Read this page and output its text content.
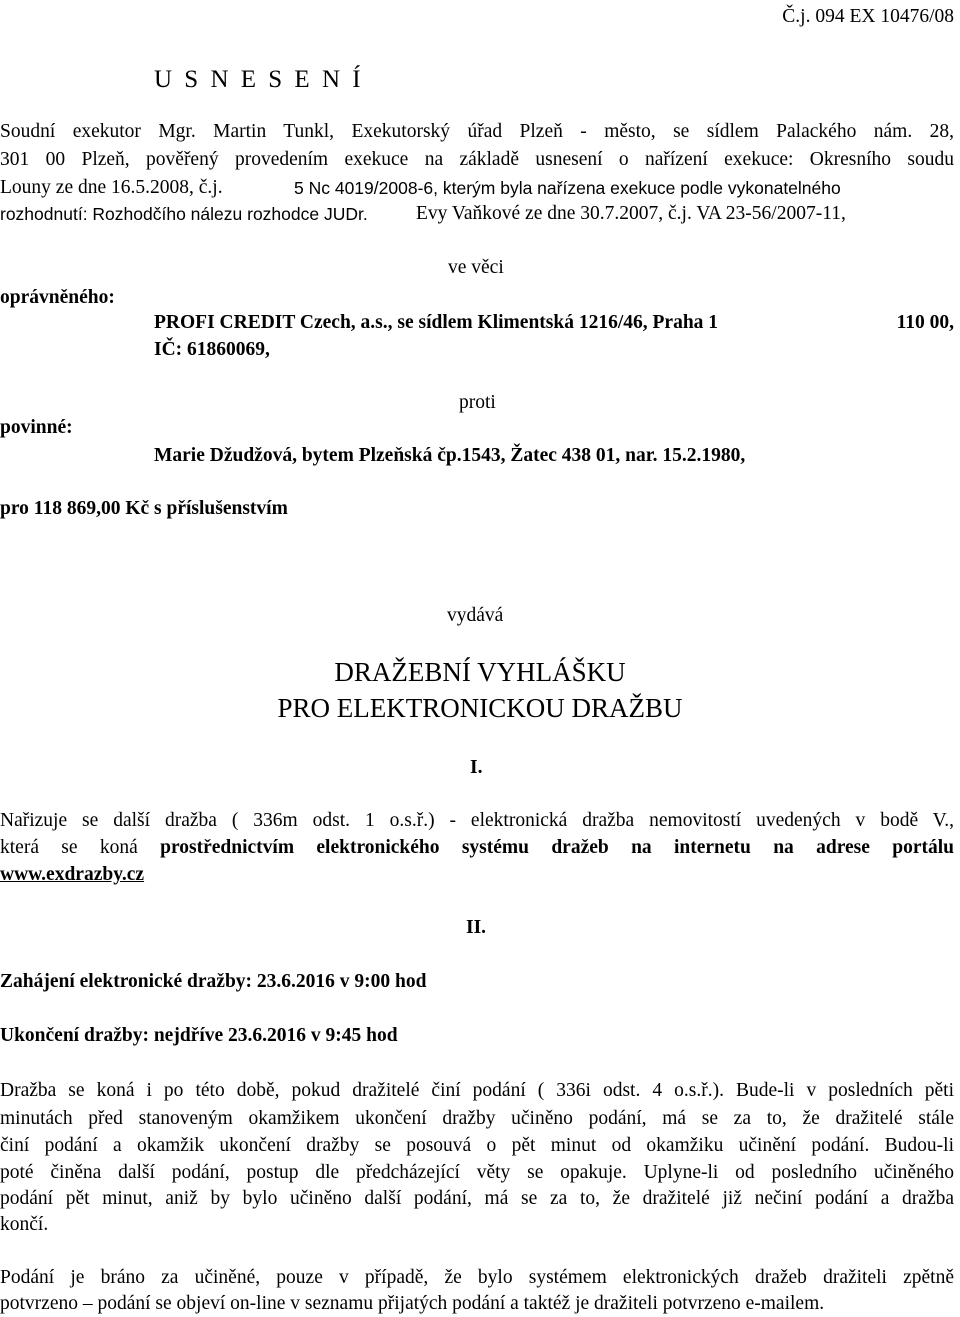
Č.j. 094 EX 10476/08
U S N E S E N Í
Soudní exekutor Mgr. Martin Tunkl, Exekutorský úřad Plzeň - město, se sídlem Palackého nám. 28,
301 00 Plzeň, pověřený provedením exekuce na základě usnesení o nařízení exekuce: Okresního soudu
Louny ze dne 16.5.2008, č.j.	5 Nc 4019/2008-6, kterým byla nařízena exekuce podle vykonatelného
rozhodnutí: Rozhodčího nálezu rozhodce JUDr. Evy Vaňkové ze dne 30.7.2007, č.j. VA 23-56/2007-11,
ve věci
oprávněného:
PROFI CREDIT Czech, a.s., se sídlem Klimentská 1216/46, Praha 1	110 00,
IČ: 61860069,
proti
povinné:
Marie Džudžová, bytem Plzeňská čp.1543, Žatec 438 01, nar. 15.2.1980,
pro 118 869,00 Kč s příslušenstvím
vydává
DRAŽEBNÍ VYHLÁŠKU
PRO ELEKTRONICKOU DRAŽBU
I.
Nařizuje se další dražba ( 336m odst. 1 o.s.ř.) - elektronická dražba nemovitostí uvedených v bodě V.,
která se koná prostřednictvím elektronického systému dražeb na internetu na adrese portálu
www.exdrazby.cz
II.
Zahájení elektronické dražby: 23.6.2016 v 9:00 hod
Ukončení dražby: nejdříve 23.6.2016 v 9:45 hod
Dražba se koná i po této době, pokud dražitelé činí podání ( 336i odst. 4 o.s.ř.). Bude-li v posledních pěti
minutách před stanoveným okamžikem ukončení dražby učiněno podání, má se za to, že dražitelé stále
činí podání a okamžik ukončení dražby se posouvá o pět minut od okamžiku učinění podání. Budou-li
poté činěna další podání, postup dle předcházející věty se opakuje. Uplyne-li od posledního učiněného
podání pět minut, aniž by bylo učiněno další podání, má se za to, že dražitelé již nečiní podání a dražba
končí.
Podání je bráno za učiněné, pouze v případě, že bylo systémem elektronických dražeb dražiteli zpětně
potvrzeno – podání se objeví on-line v seznamu přijatých podání a taktéž je dražiteli potvrzeno e-mailem.
